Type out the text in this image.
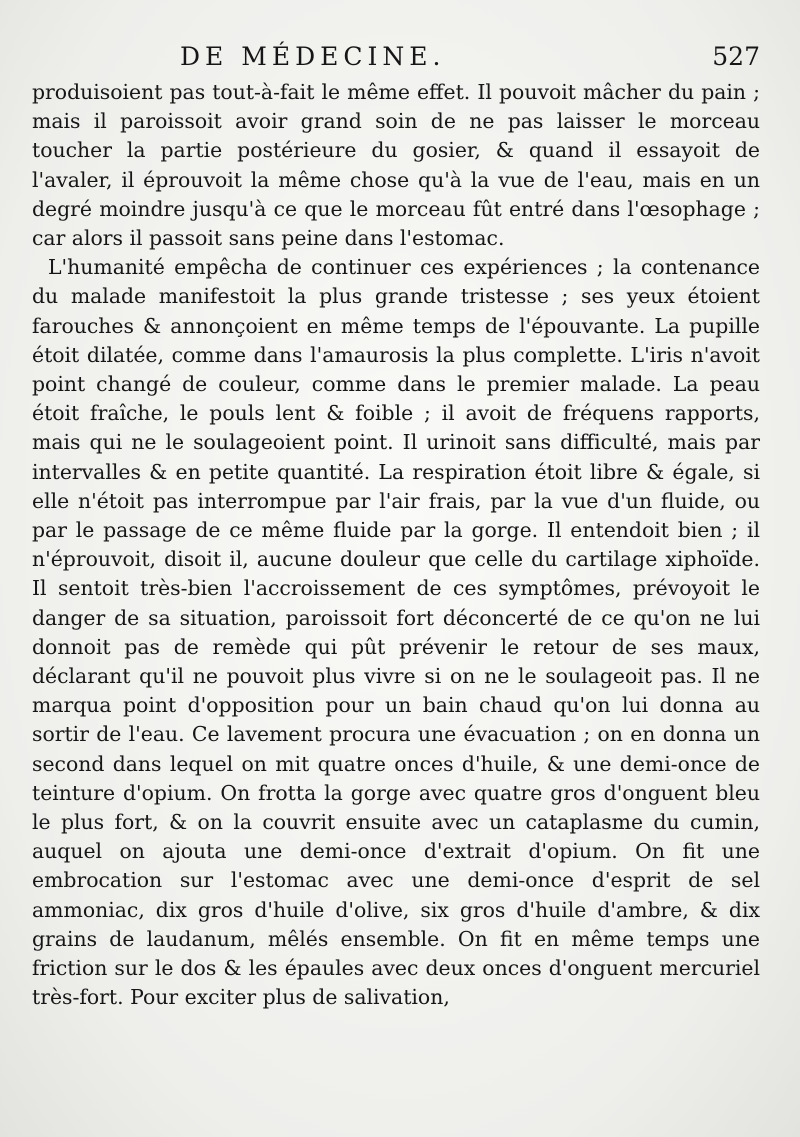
DE MÉDECINE.	527

produisoient pas tout-à-fait le même effet. Il pouvoit mâcher du pain ; mais il paroissoit avoir grand soin de ne pas laisser le morceau toucher la partie postérieure du gosier, & quand il essayoit de l'avaler, il éprouvoit la même chose qu'à la vue de l'eau, mais en un degré moindre jusqu'à ce que le morceau fût entré dans l'œsophage ; car alors il passoit sans peine dans l'estomac.

L'humanité empêcha de continuer ces expériences ; la contenance du malade manifestoit la plus grande tristesse ; ses yeux étoient farouches & annonçoient en même temps de l'épouvante. La pupille étoit dilatée, comme dans l'amaurosis la plus complette. L'iris n'avoit point changé de couleur, comme dans le premier malade. La peau étoit fraîche, le pouls lent & foible ; il avoit de fréquens rapports, mais qui ne le soulageoient point. Il urinoit sans difficulté, mais par intervalles & en petite quantité. La respiration étoit libre & égale, si elle n'étoit pas interrompue par l'air frais, par la vue d'un fluide, ou par le passage de ce même fluide par la gorge. Il entendoit bien ; il n'éprouvoit, disoit il, aucune douleur que celle du cartilage xiphoïde. Il sentoit très-bien l'accroissement de ces symptômes, prévoyoit le danger de sa situation, paroissoit fort déconcerté de ce qu'on ne lui donnoit pas de remède qui pût prévenir le retour de ses maux, déclarant qu'il ne pouvoit plus vivre si on ne le soulageoit pas. Il ne marqua point d'opposition pour un bain chaud qu'on lui donna au sortir de l'eau. Ce lavement procura une évacuation ; on en donna un second dans lequel on mit quatre onces d'huile, & une demi-once de teinture d'opium. On frotta la gorge avec quatre gros d'onguent bleu le plus fort, & on la couvrit ensuite avec un cataplasme du cumin, auquel on ajouta une demi-once d'extrait d'opium. On fit une embrocation sur l'estomac avec une demi-once d'esprit de sel ammoniac, dix gros d'huile d'olive, six gros d'huile d'ambre, & dix grains de laudanum, mêlés ensemble. On fit en même temps une friction sur le dos & les épaules avec deux onces d'onguent mercuriel très-fort. Pour exciter plus de salivation,
